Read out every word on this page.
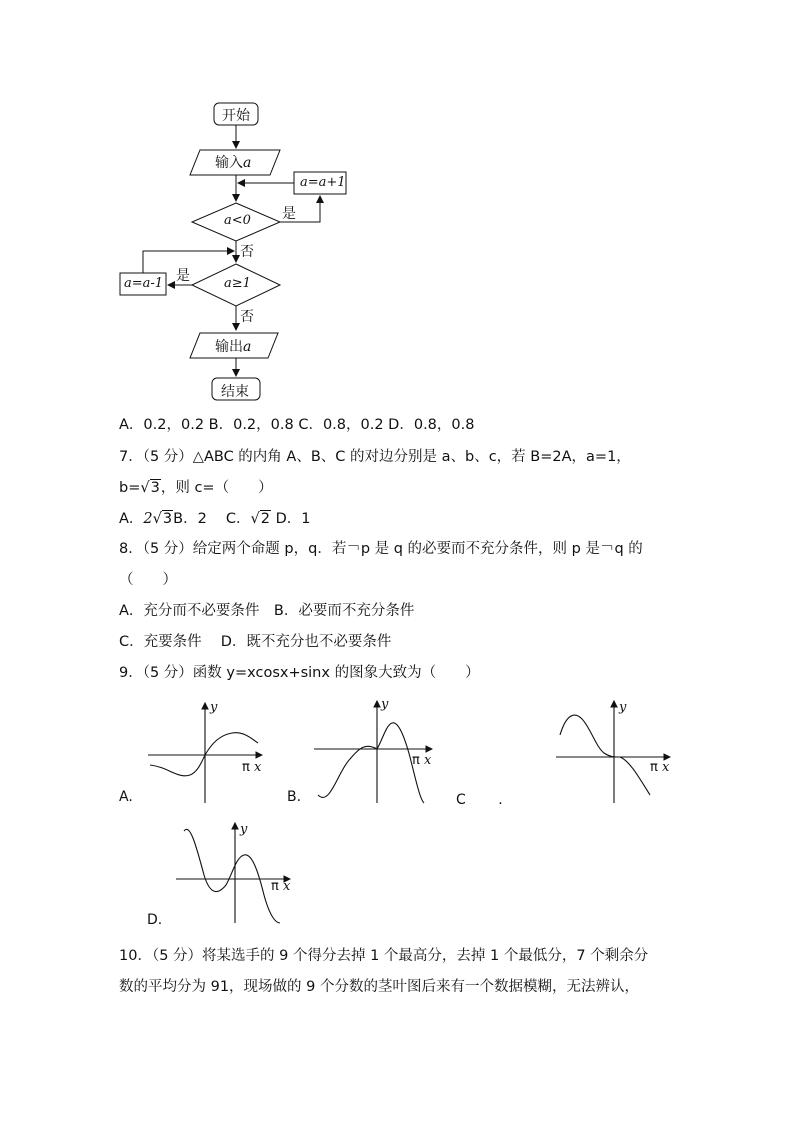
开始
输入a
a=a+1
a<0 是
否
是
a=a-1	a≥1
否
输出a
结束
A．0.2，0.2 B．0.2，0.8 C．0.8，0.2 D．0.8，0.8
7．（5 分）△ABC 的内角 A、B、C 的对边分别是 a、b、c，若 B=2A，a=1，
b=√3，则 c=（　　）
A．2√3B．2　 C．√2 D．1
8．（5 分）给定两个命题 p，q．若￢p 是 q 的必要而不充分条件，则 p 是￢q 的
（　　）
A．充分而不必要条件　B．必要而不充分条件
C．充要条件　 D．既不充分也不必要条件
9．（5 分）函数 y=xcosx+sinx 的图象大致为（　　）
y
π x
A.
y
π x
B.
y
π x
C　　 .
y
π x
D.
10．（5 分）将某选手的 9 个得分去掉 1 个最高分，去掉 1 个最低分，7 个剩余分
数的平均分为 91，现场做的 9 个分数的茎叶图后来有一个数据模糊，无法辨认，
